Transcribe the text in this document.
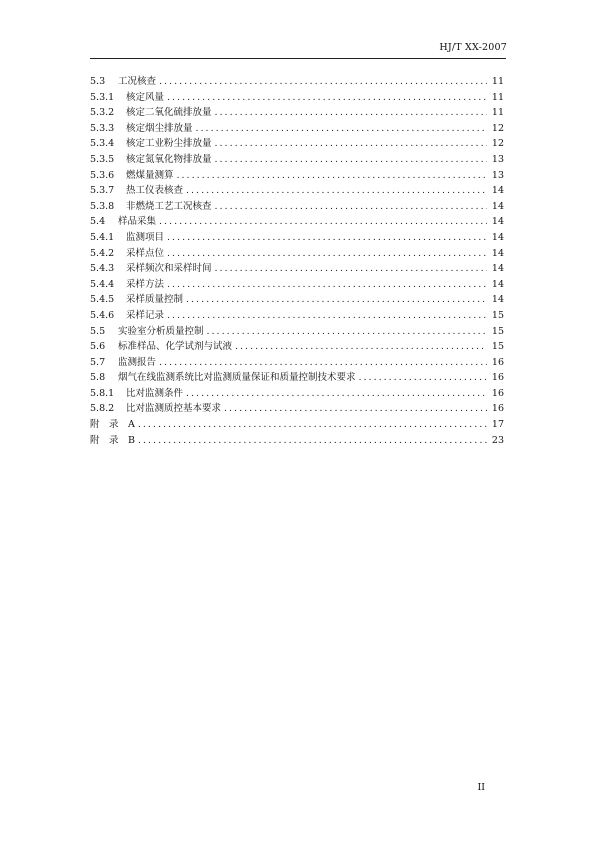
HJ/T XX-2007
5.3	工况核查 .....	11
5.3.1	核定风量 .....	11
5.3.2	核定二氧化硫排放量 .....	11
5.3.3	核定烟尘排放量 .....	12
5.3.4	核定工业粉尘排放量 .....	12
5.3.5	核定氮氧化物排放量 .....	13
5.3.6	燃煤量测算 .....	13
5.3.7	热工仪表核查 .....	14
5.3.8	非燃烧工艺工况核查 .....	14
5.4	样品采集 .....	14
5.4.1	监测项目 .....	14
5.4.2	采样点位 .....	14
5.4.3	采样频次和采样时间 .....	14
5.4.4	采样方法 .....	14
5.4.5	采样质量控制 .....	14
5.4.6	采样记录 .....	15
5.5	实验室分析质量控制 .....	15
5.6	标准样品、化学试剂与试液 .....	15
5.7	监测报告 .....	16
5.8	烟气在线监测系统比对监测质量保证和质量控制技术要求 .....	16
5.8.1	比对监测条件 .....	16
5.8.2	比对监测质控基本要求 .....	16
附　录　A .....	17
附　录　B .....	23
II
